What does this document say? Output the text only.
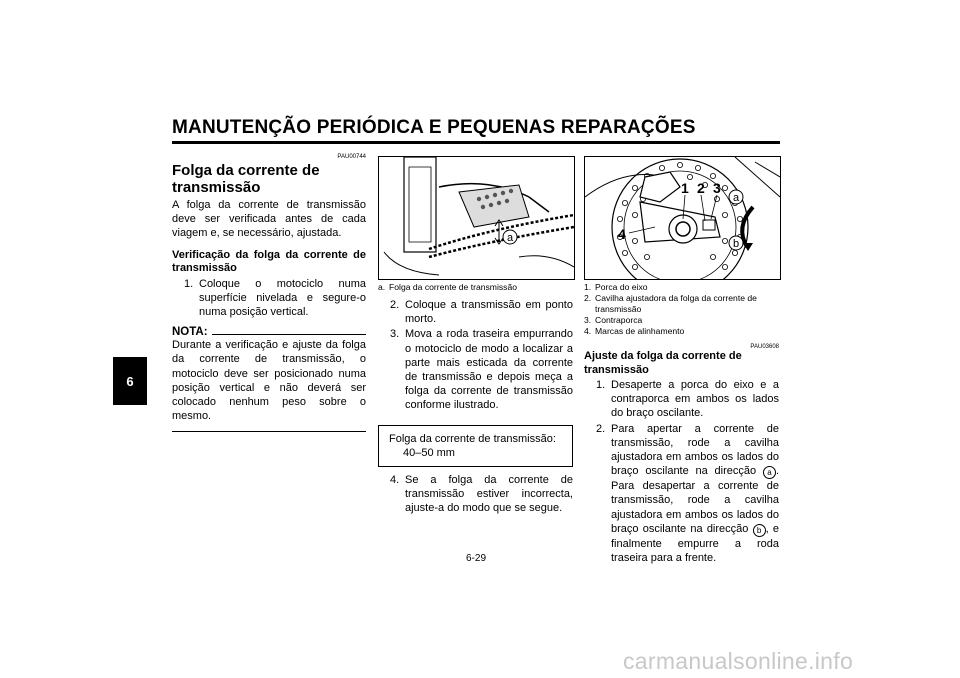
MANUTENÇÃO PERIÓDICA E PEQUENAS REPARAÇÕES
6
PAU00744
Folga da corrente de transmissão
A folga da corrente de transmissão deve ser verificada antes de cada viagem e, se necessário, ajustada.
Verificação da folga da corrente de transmissão
1. Coloque o motociclo numa superfície nivelada e segure-o numa posição vertical.
NOTA:
Durante a verificação e ajuste da folga da corrente de transmissão, o motociclo deve ser posicionado numa posição vertical e não deverá ser colocado nenhum peso sobre o mesmo.
a
a. Folga da corrente de transmissão
2. Coloque a transmissão em ponto morto.
3. Mova a roda traseira empurrando o motociclo de modo a localizar a parte mais esticada da corrente de transmissão e depois meça a folga da corrente de transmissão conforme ilustrado.
Folga da corrente de transmissão:
40–50 mm
4. Se a folga da corrente de transmissão estiver incorrecta, ajuste-a do modo que se segue.
1 2 3
4
a
b
1. Porca do eixo
2. Cavilha ajustadora da folga da corrente de transmissão
3. Contraporca
4. Marcas de alinhamento
PAU03608
Ajuste da folga da corrente de transmissão
1. Desaperte a porca do eixo e a contraporca em ambos os lados do braço oscilante.
2. Para apertar a corrente de transmissão, rode a cavilha ajustadora em ambos os lados do braço oscilante na direcção a . Para desapertar a corrente de transmissão, rode a cavilha ajustadora em ambos os lados do braço oscilante na direcção b , e finalmente empurre a roda traseira para a frente.
6-29
carmanualsonline.info
